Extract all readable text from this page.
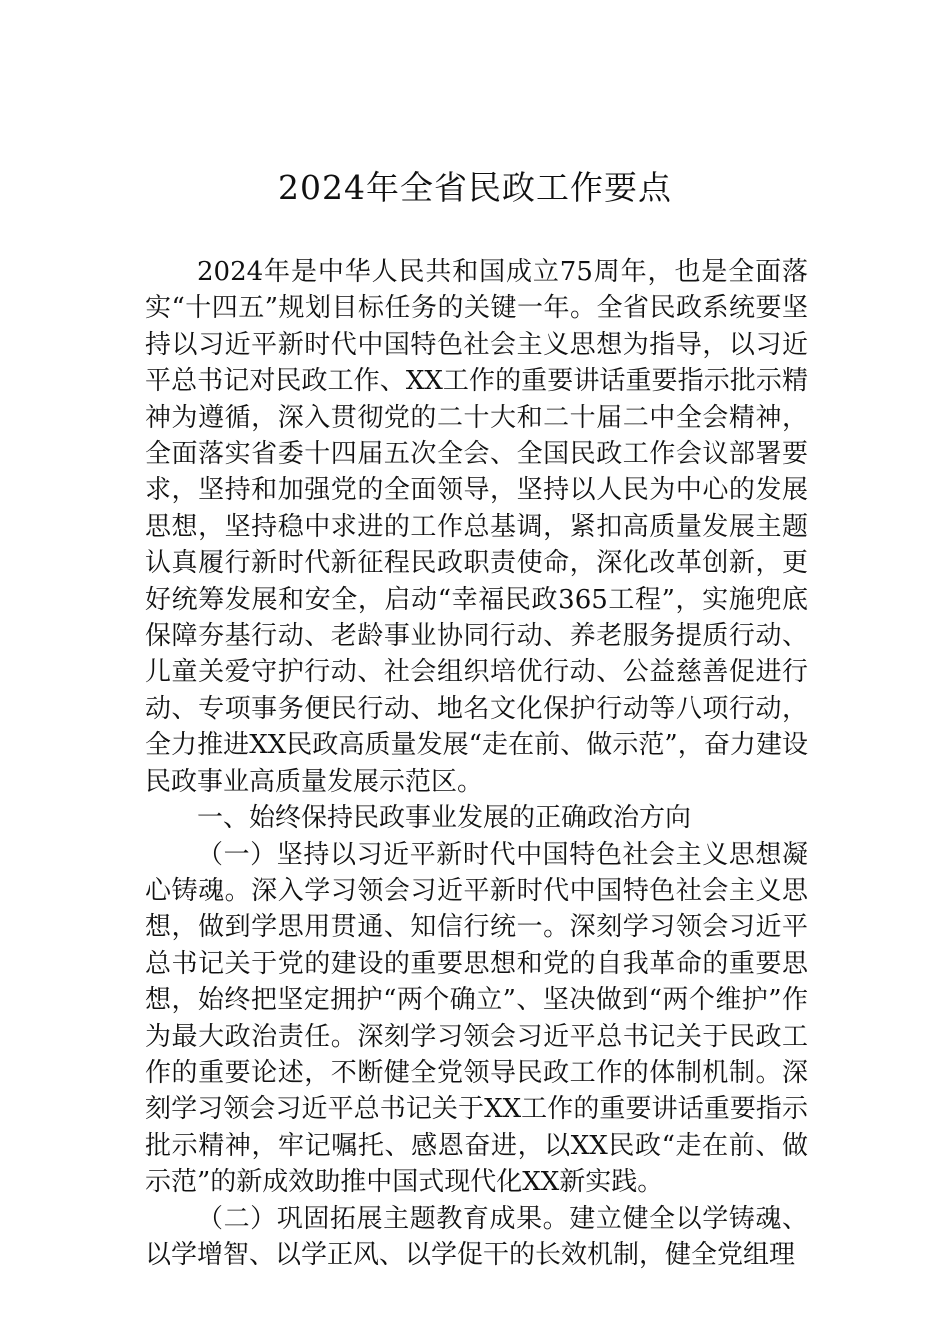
2024年全省民政工作要点

2024年是中华人民共和国成立75周年，也是全面落实“十四五”规划目标任务的关键一年。全省民政系统要坚持以习近平新时代中国特色社会主义思想为指导，以习近平总书记对民政工作、XX工作的重要讲话重要指示批示精神为遵循，深入贯彻党的二十大和二十届二中全会精神，全面落实省委十四届五次全会、全国民政工作会议部署要求，坚持和加强党的全面领导，坚持以人民为中心的发展思想，坚持稳中求进的工作总基调，紧扣高质量发展主题认真履行新时代新征程民政职责使命，深化改革创新，更好统筹发展和安全，启动“幸福民政365工程”，实施兜底保障夯基行动、老龄事业协同行动、养老服务提质行动、儿童关爱守护行动、社会组织培优行动、公益慈善促进行动、专项事务便民行动、地名文化保护行动等八项行动，全力推进XX民政高质量发展“走在前、做示范”，奋力建设民政事业高质量发展示范区。

一、始终保持民政事业发展的正确政治方向

（一）坚持以习近平新时代中国特色社会主义思想凝心铸魂。深入学习领会习近平新时代中国特色社会主义思想，做到学思用贯通、知信行统一。深刻学习领会习近平总书记关于党的建设的重要思想和党的自我革命的重要思想，始终把坚定拥护“两个确立”、坚决做到“两个维护”作为最大政治责任。深刻学习领会习近平总书记关于民政工作的重要论述，不断健全党领导民政工作的体制机制。深刻学习领会习近平总书记关于XX工作的重要讲话重要指示批示精神，牢记嘱托、感恩奋进，以XX民政“走在前、做示范”的新成效助推中国式现代化XX新实践。

（二）巩固拓展主题教育成果。建立健全以学铸魂、以学增智、以学正风、以学促干的长效机制，健全党组理
